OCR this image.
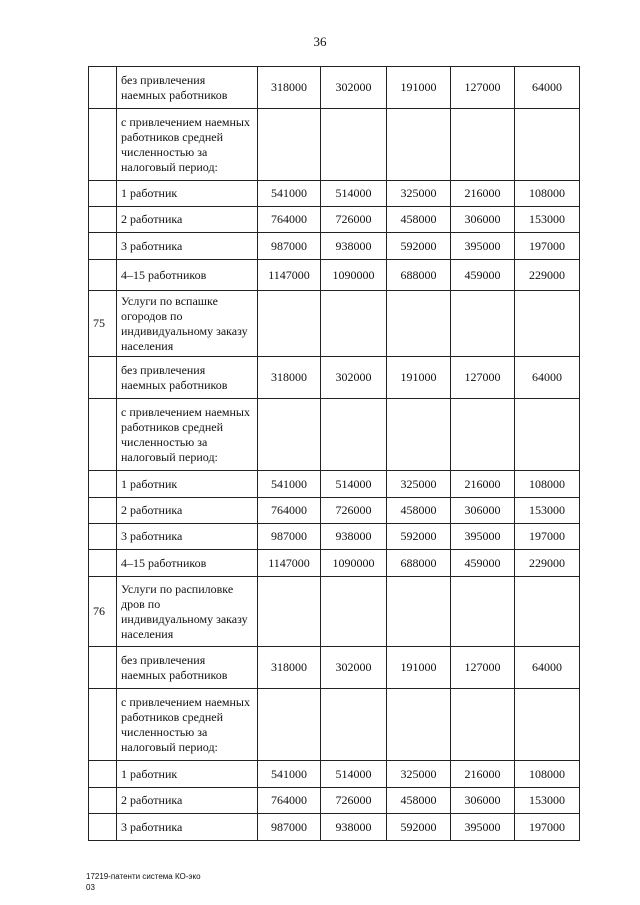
36
	без привлечения наемных работников	318000	302000	191000	127000	64000
	с привлечением наемных работников средней численностью за налоговый период:					
	1 работник	541000	514000	325000	216000	108000
	2 работника	764000	726000	458000	306000	153000
	3 работника	987000	938000	592000	395000	197000
	4–15 работников	1147000	1090000	688000	459000	229000
75	Услуги по вспашке огородов по индивидуальному заказу населения					
	без привлечения наемных работников	318000	302000	191000	127000	64000
	с привлечением наемных работников средней численностью за налоговый период:					
	1 работник	541000	514000	325000	216000	108000
	2 работника	764000	726000	458000	306000	153000
	3 работника	987000	938000	592000	395000	197000
	4–15 работников	1147000	1090000	688000	459000	229000
76	Услуги по распиловке дров по индивидуальному заказу населения					
	без привлечения наемных работников	318000	302000	191000	127000	64000
	с привлечением наемных работников средней численностью за налоговый период:					
	1 работник	541000	514000	325000	216000	108000
	2 работника	764000	726000	458000	306000	153000
	3 работника	987000	938000	592000	395000	197000
17219-патенти система КО-эко
03
